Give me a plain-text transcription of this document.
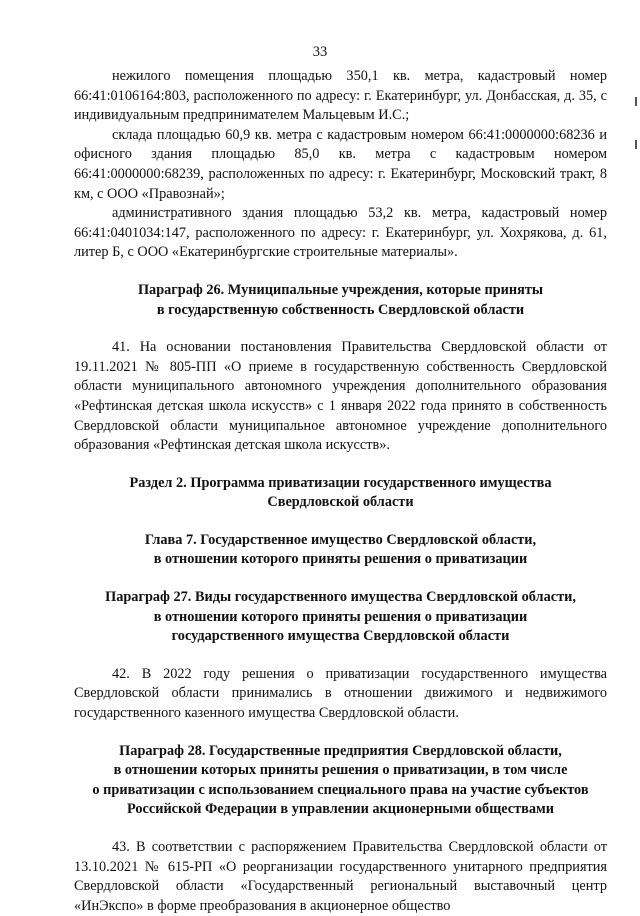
33

нежилого помещения площадью 350,1 кв. метра, кадастровый номер 66:41:0106164:803, расположенного по адресу: г. Екатеринбург, ул. Донбасская, д. 35, с индивидуальным предпринимателем Мальцевым И.С.;

склада площадью 60,9 кв. метра с кадастровым номером 66:41:0000000:68236 и офисного здания площадью 85,0 кв. метра с кадастровым номером 66:41:0000000:68239, расположенных по адресу: г. Екатеринбург, Московский тракт, 8 км, с ООО «Правознай»;

административного здания площадью 53,2 кв. метра, кадастровый номер 66:41:0401034:147, расположенного по адресу: г. Екатеринбург, ул. Хохрякова, д. 61, литер Б, с ООО «Екатеринбургские строительные материалы».

Параграф 26. Муниципальные учреждения, которые приняты
в государственную собственность Свердловской области

41. На основании постановления Правительства Свердловской области от 19.11.2021 № 805-ПП «О приеме в государственную собственность Свердловской области муниципального автономного учреждения дополнительного образования «Рефтинская детская школа искусств» с 1 января 2022 года принято в собственность Свердловской области муниципальное автономное учреждение дополнительного образования «Рефтинская детская школа искусств».

Раздел 2. Программа приватизации государственного имущества
Свердловской области
Глава 7. Государственное имущество Свердловской области,
в отношении которого приняты решения о приватизации
Параграф 27. Виды государственного имущества Свердловской области,
в отношении которого приняты решения о приватизации
государственного имущества Свердловской области

42. В 2022 году решения о приватизации государственного имущества Свердловской области принимались в отношении движимого и недвижимого государственного казенного имущества Свердловской области.

Параграф 28. Государственные предприятия Свердловской области,
в отношении которых приняты решения о приватизации, в том числе
о приватизации с использованием специального права на участие субъектов
Российской Федерации в управлении акционерными обществами

43. В соответствии с распоряжением Правительства Свердловской области от 13.10.2021 № 615-РП «О реорганизации государственного унитарного предприятия Свердловской области «Государственный региональный выставочный центр «ИнЭкспо» в форме преобразования в акционерное общество
